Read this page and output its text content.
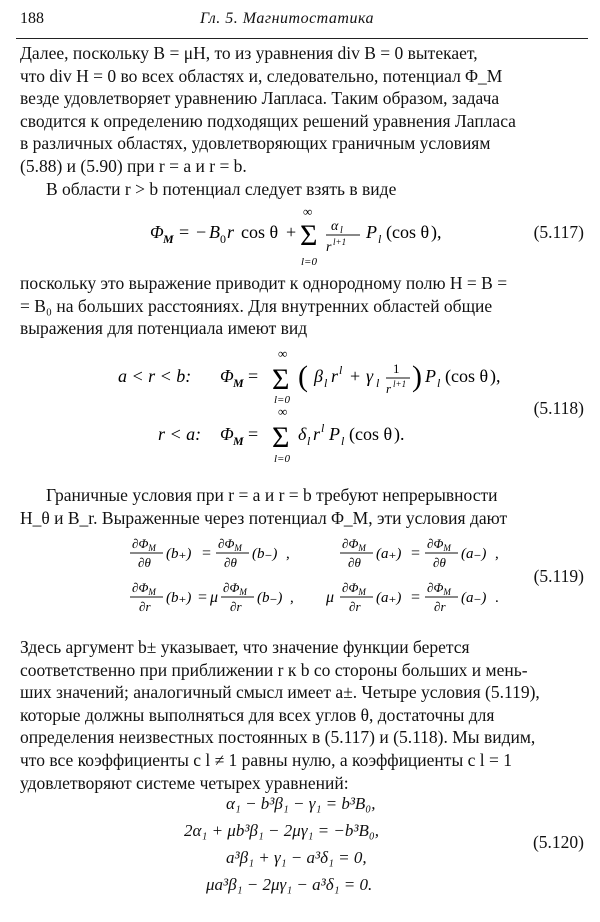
188	Гл. 5. Магнитостатика
Далее, поскольку B = μH, то из уравнения div B = 0 вытекает,
что div H = 0 во всех областях и, следовательно, потенциал Φ_M
везде удовлетворяет уравнению Лапласа. Таким образом, задача
сводится к определению подходящих решений уравнения Лапласа
в различных областях, удовлетворяющих граничным условиям
(5.88) и (5.90) при r = a и r = b.
В области r > b потенциал следует взять в виде
Φ M = − B 0 r cos θ +
∞
Σ
l=0
α l
r l+1 P l ( cos θ ) ,	(5.117)
поскольку это выражение приводит к однородному полю H = B =
= B₀ на больших расстояниях. Для внутренних областей общие
выражения для потенциала имеют вид
a < r < b: Φ M =
∞
Σ
l=0
( β l r l + γ l
1
r l+1 ) P l ( cos θ ) ,
r < a: Φ M =
∞
Σ
l=0
δ l r l P l ( cos θ ) .
(5.118)
Граничные условия при r = a и r = b требуют непрерывности
H_θ и B_r. Выраженные через потенциал Φ_M, эти условия дают
$\partial\Phi_M$
∂θ
(b₊) =
$\partial\Phi_M$
∂θ
(b₋) ,
$\partial\Phi_M$
∂θ
(a₊) =
$\partial\Phi_M$
∂θ
(a₋) ,
$\partial\Phi_M$
∂r
(b₊) = μ
$\partial\Phi_M$
∂r
(b₋) , μ
$\partial\Phi_M$
∂r
(a₊) =
$\partial\Phi_M$
∂r
(a₋) .
(5.119)
Здесь аргумент b± указывает, что значение функции берется
соответственно при приближении r к b со стороны больших и мень-
ших значений; аналогичный смысл имеет a±. Четыре условия (5.119),
которые должны выполняться для всех углов θ, достаточны для
определения неизвестных постоянных в (5.117) и (5.118). Мы видим,
что все коэффициенты с l ≠ 1 равны нулю, а коэффициенты с l = 1
удовлетворяют системе четырех уравнений:
α₁ − b³β₁ − γ₁ = b³B₀,
2α₁ + μb³β₁ − 2μγ₁ = −b³B₀,
a³β₁ + γ₁ − a³δ₁ = 0,
μa³β₁ − 2μγ₁ − a³δ₁ = 0.
(5.120)
